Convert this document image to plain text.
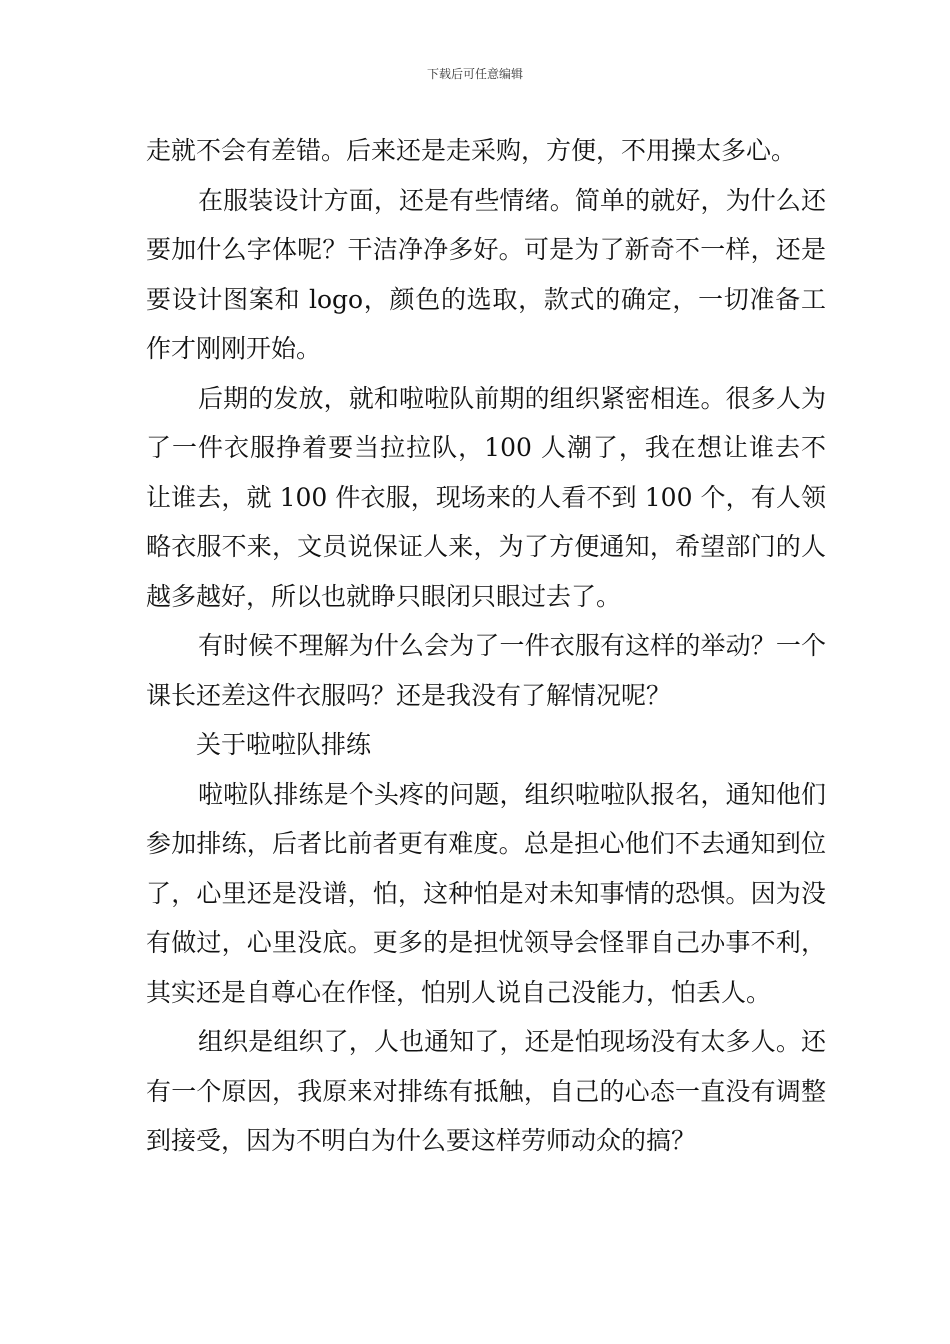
下载后可任意编辑

走就不会有差错。后来还是走采购，方便，不用操太多心。

在服装设计方面，还是有些情绪。简单的就好，为什么还要加什么字体呢？干洁净净多好。可是为了新奇不一样，还是要设计图案和 logo，颜色的选取，款式的确定，一切准备工作才刚刚开始。

后期的发放，就和啦啦队前期的组织紧密相连。很多人为了一件衣服挣着要当拉拉队，100 人潮了，我在想让谁去不让谁去，就 100 件衣服，现场来的人看不到 100 个，有人领略衣服不来，文员说保证人来，为了方便通知，希望部门的人越多越好，所以也就睁只眼闭只眼过去了。

有时候不理解为什么会为了一件衣服有这样的举动？一个课长还差这件衣服吗？还是我没有了解情况呢？

关于啦啦队排练

啦啦队排练是个头疼的问题，组织啦啦队报名，通知他们参加排练，后者比前者更有难度。总是担心他们不去通知到位了，心里还是没谱，怕，这种怕是对未知事情的恐惧。因为没有做过，心里没底。更多的是担忧领导会怪罪自己办事不利，其实还是自尊心在作怪，怕别人说自己没能力，怕丢人。

组织是组织了，人也通知了，还是怕现场没有太多人。还有一个原因，我原来对排练有抵触，自己的心态一直没有调整到接受，因为不明白为什么要这样劳师动众的搞？
